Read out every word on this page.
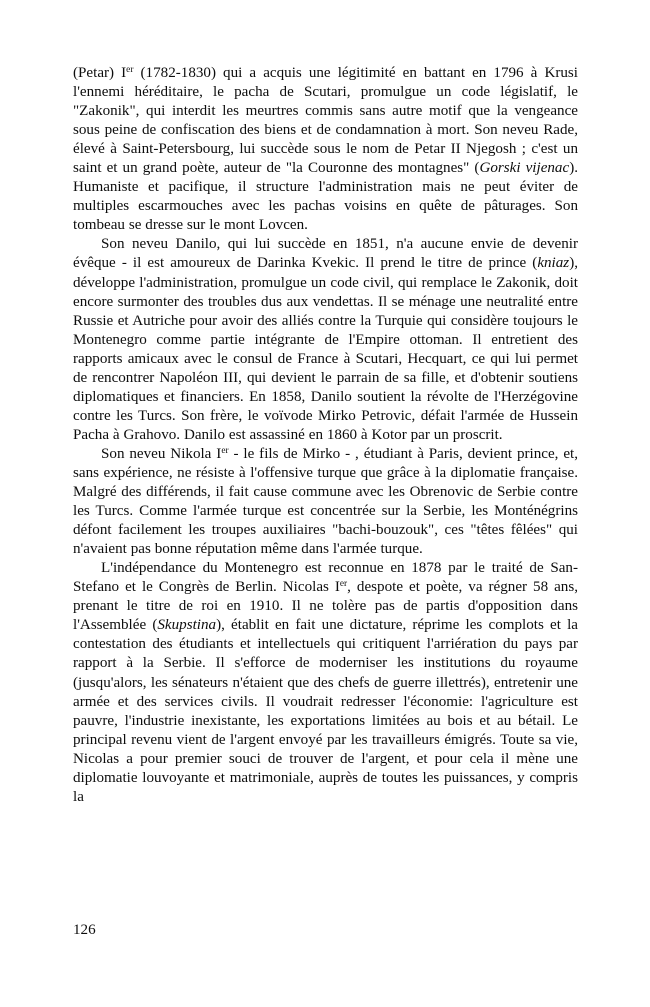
(Petar) Ier (1782-1830) qui a acquis une légitimité en battant en 1796 à Krusi l'ennemi héréditaire, le pacha de Scutari, promulgue un code législatif, le "Zakonik", qui interdit les meurtres commis sans autre motif que la vengeance sous peine de confiscation des biens et de condamnation à mort. Son neveu Rade, élevé à Saint-Petersbourg, lui succède sous le nom de Petar II Njegosh ; c'est un saint et un grand poète, auteur de "la Couronne des montagnes" (Gorski vijenac). Humaniste et pacifique, il structure l'administration mais ne peut éviter de multiples escarmouches avec les pachas voisins en quête de pâturages. Son tombeau se dresse sur le mont Lovcen.

Son neveu Danilo, qui lui succède en 1851, n'a aucune envie de devenir évêque - il est amoureux de Darinka Kvekic. Il prend le titre de prince (kniaz), développe l'administration, promulgue un code civil, qui remplace le Zakonik, doit encore surmonter des troubles dus aux vendettas. Il se ménage une neutralité entre Russie et Autriche pour avoir des alliés contre la Turquie qui considère toujours le Montenegro comme partie intégrante de l'Empire ottoman. Il entretient des rapports amicaux avec le consul de France à Scutari, Hecquart, ce qui lui permet de rencontrer Napoléon III, qui devient le parrain de sa fille, et d'obtenir soutiens diplomatiques et financiers. En 1858, Danilo soutient la révolte de l'Herzégovine contre les Turcs. Son frère, le voïvode Mirko Petrovic, défait l'armée de Hussein Pacha à Grahovo. Danilo est assassiné en 1860 à Kotor par un proscrit.

Son neveu Nikola Ier - le fils de Mirko - , étudiant à Paris, devient prince, et, sans expérience, ne résiste à l'offensive turque que grâce à la diplomatie française. Malgré des différends, il fait cause commune avec les Obrenovic de Serbie contre les Turcs. Comme l'armée turque est concentrée sur la Serbie, les Monténégrins défont facilement les troupes auxiliaires "bachi-bouzouk", ces "têtes fêlées" qui n'avaient pas bonne réputation même dans l'armée turque.

L'indépendance du Montenegro est reconnue en 1878 par le traité de San-Stefano et le Congrès de Berlin. Nicolas Ier, despote et poète, va régner 58 ans, prenant le titre de roi en 1910. Il ne tolère pas de partis d'opposition dans l'Assemblée (Skupstina), établit en fait une dictature, réprime les complots et la contestation des étudiants et intellectuels qui critiquent l'arriération du pays par rapport à la Serbie. Il s'efforce de moderniser les institutions du royaume (jusqu'alors, les sénateurs n'étaient que des chefs de guerre illettrés), entretenir une armée et des services civils. Il voudrait redresser l'économie: l'agriculture est pauvre, l'industrie inexistante, les exportations limitées au bois et au bétail. Le principal revenu vient de l'argent envoyé par les travailleurs émigrés. Toute sa vie, Nicolas a pour premier souci de trouver de l'argent, et pour cela il mène une diplomatie louvoyante et matrimoniale, auprès de toutes les puissances, y compris la

126
